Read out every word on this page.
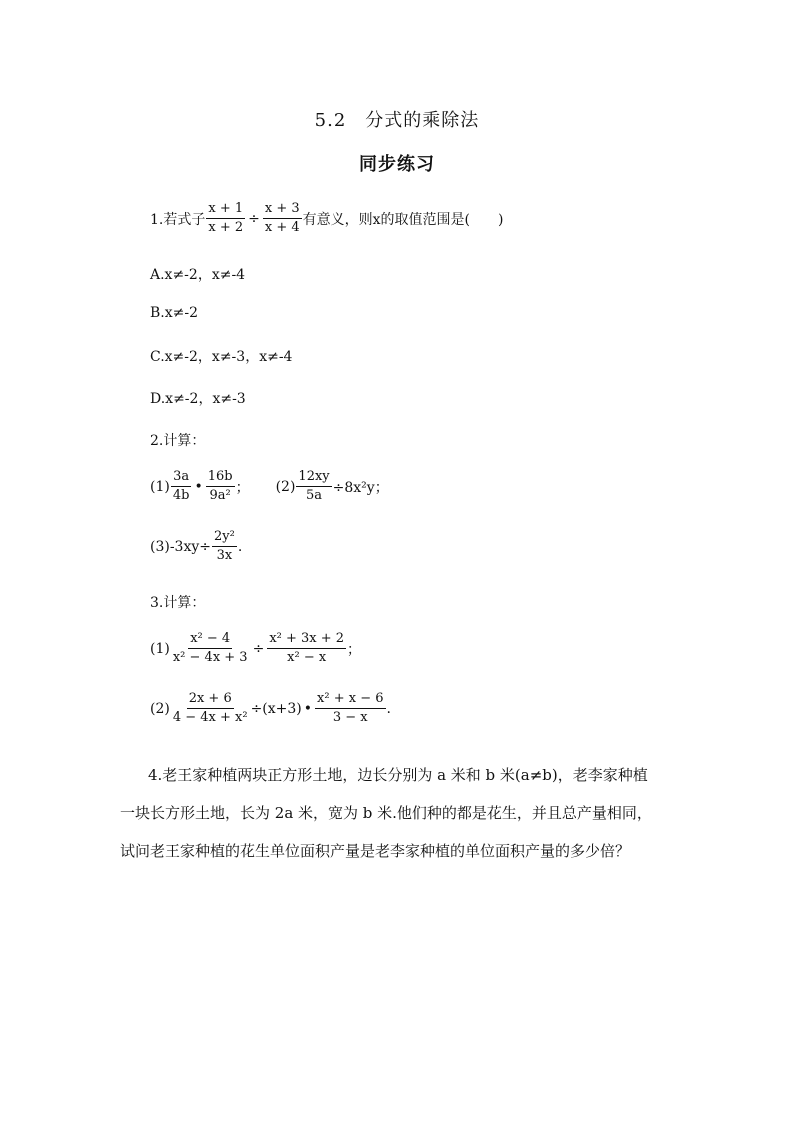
5.2　分式的乘除法
同步练习
1.若式子 $\frac{x + 1}{x + 2} \div \frac{x + 3}{x + 4}$ 有意义，则x的取值范围是(　　)
A.x≠-2，x≠-4
B.x≠-2
C.x≠-2，x≠-3，x≠-4
D.x≠-2，x≠-3
2.计算：
$(1) \frac{3a}{4b}$ • $\frac{16b}{\text{9a²}}$ ； $(2) \frac{12xy}{5a} \div 8x^2y$；
$(3)-3xy\div \frac{\text{2y²}}{3x}$ .
3.计算：
$(1) \frac{\text{x² − 4}}{\text{x² − 4x + 3}} \div \frac{\text{x² + 3x + 2}}{\text{x² − x}}$ ；
$(2) \frac{2x + 6}{\text{4 − 4x + x²}} \div(x+3)$ • $\frac{\text{x² + x − 6}}{3 - x}$ .
4.老王家种植两块正方形土地，边长分别为 a 米和 b 米(a≠b)，老李家种植
一块长方形土地，长为 2a 米，宽为 b 米.他们种的都是花生，并且总产量相同，
试问老王家种植的花生单位面积产量是老李家种植的单位面积产量的多少倍？
